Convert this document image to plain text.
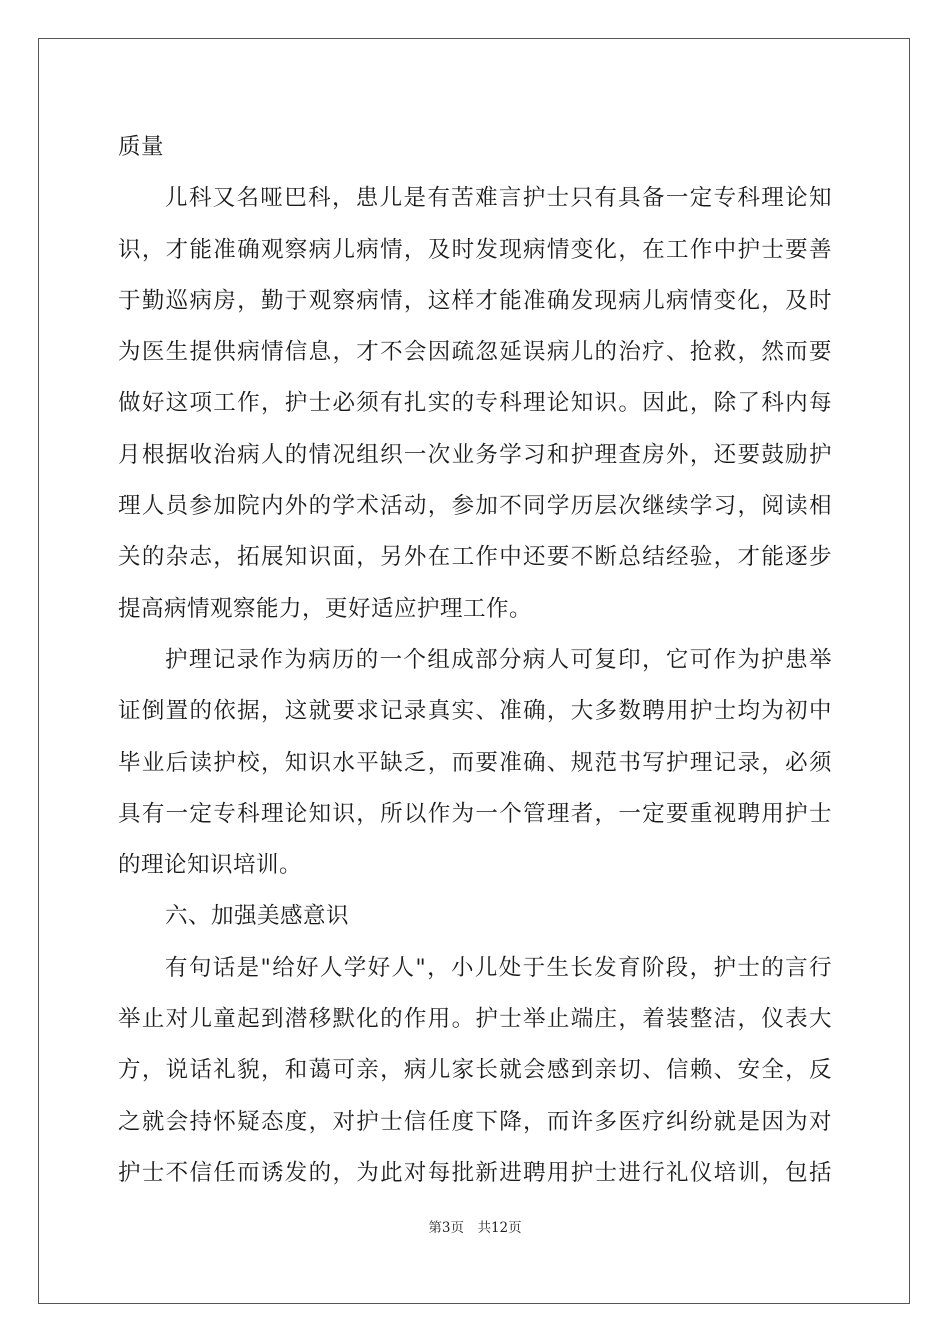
质量
儿科又名哑巴科，患儿是有苦难言护士只有具备一定专科理论知
识，才能准确观察病儿病情，及时发现病情变化，在工作中护士要善
于勤巡病房，勤于观察病情，这样才能准确发现病儿病情变化，及时
为医生提供病情信息，才不会因疏忽延误病儿的治疗、抢救，然而要
做好这项工作，护士必须有扎实的专科理论知识。因此，除了科内每
月根据收治病人的情况组织一次业务学习和护理查房外，还要鼓励护
理人员参加院内外的学术活动，参加不同学历层次继续学习，阅读相
关的杂志，拓展知识面，另外在工作中还要不断总结经验，才能逐步
提高病情观察能力，更好适应护理工作。
护理记录作为病历的一个组成部分病人可复印，它可作为护患举
证倒置的依据，这就要求记录真实、准确，大多数聘用护士均为初中
毕业后读护校，知识水平缺乏，而要准确、规范书写护理记录，必须
具有一定专科理论知识，所以作为一个管理者，一定要重视聘用护士
的理论知识培训。
六、加强美感意识
有句话是"给好人学好人"，小儿处于生长发育阶段，护士的言行
举止对儿童起到潜移默化的作用。护士举止端庄，着装整洁，仪表大
方，说话礼貌，和蔼可亲，病儿家长就会感到亲切、信赖、安全，反
之就会持怀疑态度，对护士信任度下降，而许多医疗纠纷就是因为对
护士不信任而诱发的，为此对每批新进聘用护士进行礼仪培训，包括
第3页　共12页
